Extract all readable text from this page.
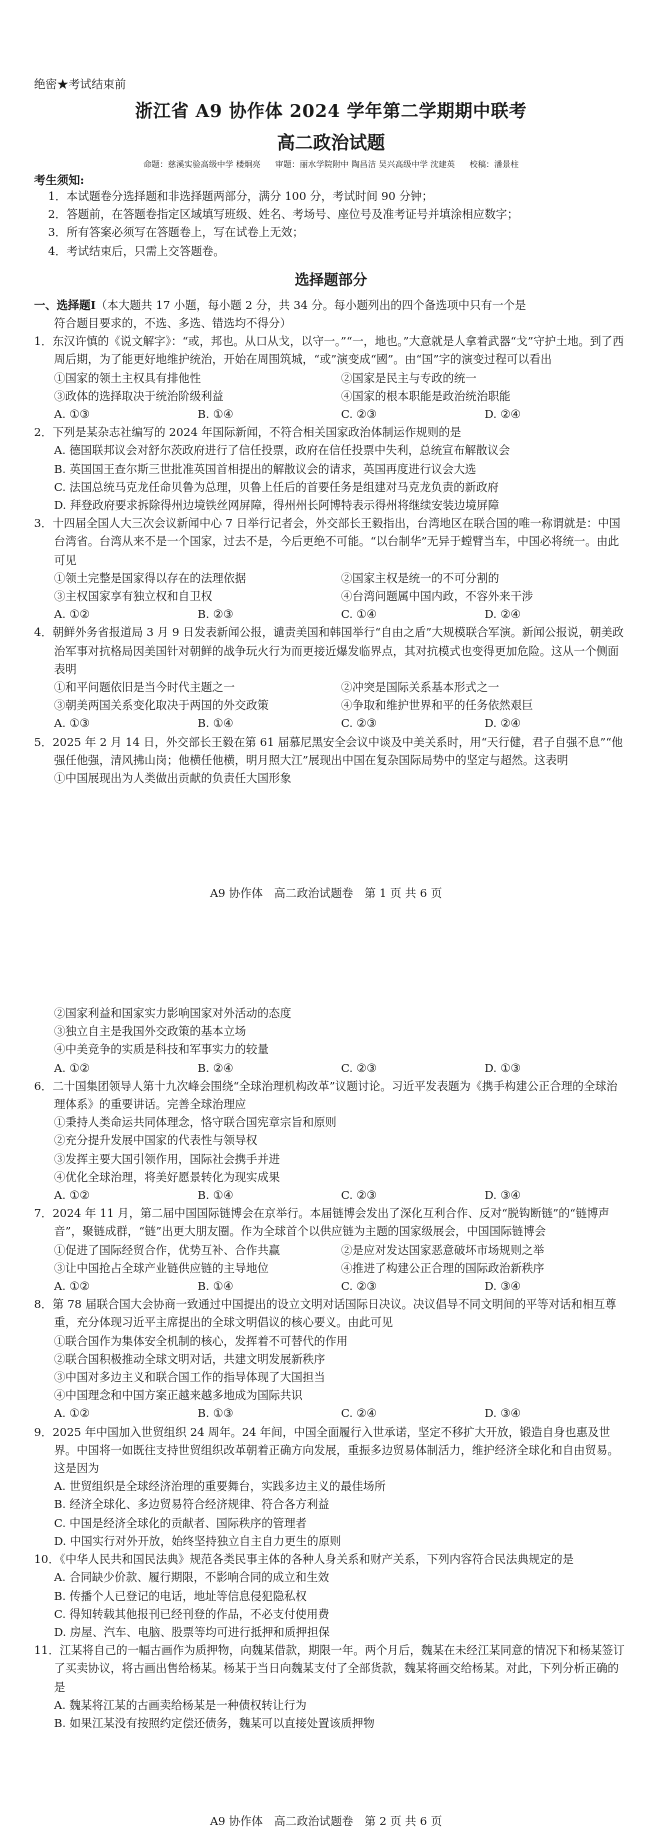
绝密★考试结束前
浙江省 A9 协作体 2024 学年第二学期期中联考
高二政治试题
命题：慈溪实验高级中学 楼炯亮 审题：丽水学院附中 陶昌洁 吴兴高级中学 沈建英 校稿：潘景柱
考生须知:
1．本试题卷分选择题和非选择题两部分，满分 100 分，考试时间 90 分钟；
2．答题前，在答题卷指定区域填写班级、姓名、考场号、座位号及准考证号并填涂相应数字；
3．所有答案必须写在答题卷上，写在试卷上无效；
4．考试结束后，只需上交答题卷。
选择题部分
一、选择题Ⅰ（本大题共 17 小题，每小题 2 分，共 34 分。每小题列出的四个备选项中只有一个是
符合题目要求的，不选、多选、错选均不得分）
1．东汉许慎的《说文解字》：“或，邦也。从口从戈，以守一。”“一，地也。”大意就是人拿着武器“戈”守护土地。到了西周后期，为了能更好地维护统治，开始在周围筑城，“或”演变成“國”。由“国”字的演变过程可以看出
①国家的领土主权具有排他性	②国家是民主与专政的统一
③政体的选择取决于统治阶级利益	④国家的根本职能是政治统治职能
A. ①③	B. ①④	C. ②③	D. ②④
2．下列是某杂志社编写的 2024 年国际新闻，不符合相关国家政治体制运作规则的是
A. 德国联邦议会对舒尔茨政府进行了信任投票，政府在信任投票中失利，总统宣布解散议会
B. 英国国王查尔斯三世批准英国首相提出的解散议会的请求，英国再度进行议会大选
C. 法国总统马克龙任命贝鲁为总理，贝鲁上任后的首要任务是组建对马克龙负责的新政府
D. 拜登政府要求拆除得州边境铁丝网屏障，得州州长阿博特表示得州将继续安装边境屏障
3．十四届全国人大三次会议新闻中心 7 日举行记者会，外交部长王毅指出，台湾地区在联合国的唯一称谓就是：中国台湾省。台湾从来不是一个国家，过去不是，今后更绝不可能。“以台制华”无异于螳臂当车，中国必将统一。由此可见
①领土完整是国家得以存在的法理依据	②国家主权是统一的不可分割的
③主权国家享有独立权和自卫权	④台湾问题属中国内政，不容外来干涉
A. ①②	B. ②③	C. ①④	D. ②④
4．朝鲜外务省报道局 3 月 9 日发表新闻公报，谴责美国和韩国举行“自由之盾”大规模联合军演。新闻公报说，朝美政治军事对抗格局因美国针对朝鲜的战争玩火行为而更接近爆发临界点，其对抗模式也变得更加危险。这从一个侧面表明
①和平问题依旧是当今时代主题之一	②冲突是国际关系基本形式之一
③朝美两国关系变化取决于两国的外交政策	④争取和维护世界和平的任务依然艰巨
A. ①③	B. ①④	C. ②③	D. ②④
5．2025 年 2 月 14 日，外交部长王毅在第 61 届慕尼黑安全会议中谈及中美关系时，用“天行健，君子自强不息”“他强任他强，清风拂山岗；他横任他横，明月照大江”展现出中国在复杂国际局势中的坚定与超然。这表明
①中国展现出为人类做出贡献的负责任大国形象
A9 协作体　高二政治试题卷　第 1 页 共 6 页
②国家利益和国家实力影响国家对外活动的态度
③独立自主是我国外交政策的基本立场
④中美竞争的实质是科技和军事实力的较量
A. ①②	B. ②④	C. ②③	D. ①③
6．二十国集团领导人第十九次峰会围绕“全球治理机构改革”议题讨论。习近平发表题为《携手构建公正合理的全球治理体系》的重要讲话。完善全球治理应
①秉持人类命运共同体理念，恪守联合国宪章宗旨和原则
②充分提升发展中国家的代表性与领导权
③发挥主要大国引领作用，国际社会携手并进
④优化全球治理，将美好愿景转化为现实成果
A. ①②	B. ①④	C. ②③	D. ③④
7．2024 年 11 月，第二届中国国际链博会在京举行。本届链博会发出了深化互利合作、反对“脱钩断链”的“链博声音”，聚链成群，“链”出更大朋友圈。作为全球首个以供应链为主题的国家级展会，中国国际链博会
①促进了国际经贸合作，优势互补、合作共赢	②是应对发达国家恶意破坏市场规则之举
③让中国抢占全球产业链供应链的主导地位	④推进了构建公正合理的国际政治新秩序
A. ①②	B. ①④	C. ②③	D. ③④
8．第 78 届联合国大会协商一致通过中国提出的设立文明对话国际日决议。决议倡导不同文明间的平等对话和相互尊重，充分体现习近平主席提出的全球文明倡议的核心要义。由此可见
①联合国作为集体安全机制的核心，发挥着不可替代的作用
②联合国积极推动全球文明对话，共建文明发展新秩序
③中国对多边主义和联合国工作的指导体现了大国担当
④中国理念和中国方案正越来越多地成为国际共识
A. ①②	B. ①③	C. ②④	D. ③④
9．2025 年中国加入世贸组织 24 周年。24 年间，中国全面履行入世承诺，坚定不移扩大开放，锻造自身也惠及世界。中国将一如既往支持世贸组织改革朝着正确方向发展，重振多边贸易体制活力，维护经济全球化和自由贸易。这是因为
A. 世贸组织是全球经济治理的重要舞台，实践多边主义的最佳场所
B. 经济全球化、多边贸易符合经济规律、符合各方利益
C. 中国是经济全球化的贡献者、国际秩序的管理者
D. 中国实行对外开放，始终坚持独立自主自力更生的原则
10．《中华人民共和国民法典》规范各类民事主体的各种人身关系和财产关系，下列内容符合民法典规定的是
A. 合同缺少价款、履行期限，不影响合同的成立和生效
B. 传播个人已登记的电话，地址等信息侵犯隐私权
C. 得知转载其他报刊已经刊登的作品，不必支付使用费
D. 房屋、汽车、电脑、股票等均可进行抵押和质押担保
11．江某将自己的一幅古画作为质押物，向魏某借款，期限一年。两个月后，魏某在未经江某同意的情况下和杨某签订了买卖协议，将古画出售给杨某。杨某于当日向魏某支付了全部货款，魏某将画交给杨某。对此，下列分析正确的是
A. 魏某将江某的古画卖给杨某是一种债权转让行为
B. 如果江某没有按照约定偿还债务，魏某可以直接处置该质押物
A9 协作体　高二政治试题卷　第 2 页 共 6 页
